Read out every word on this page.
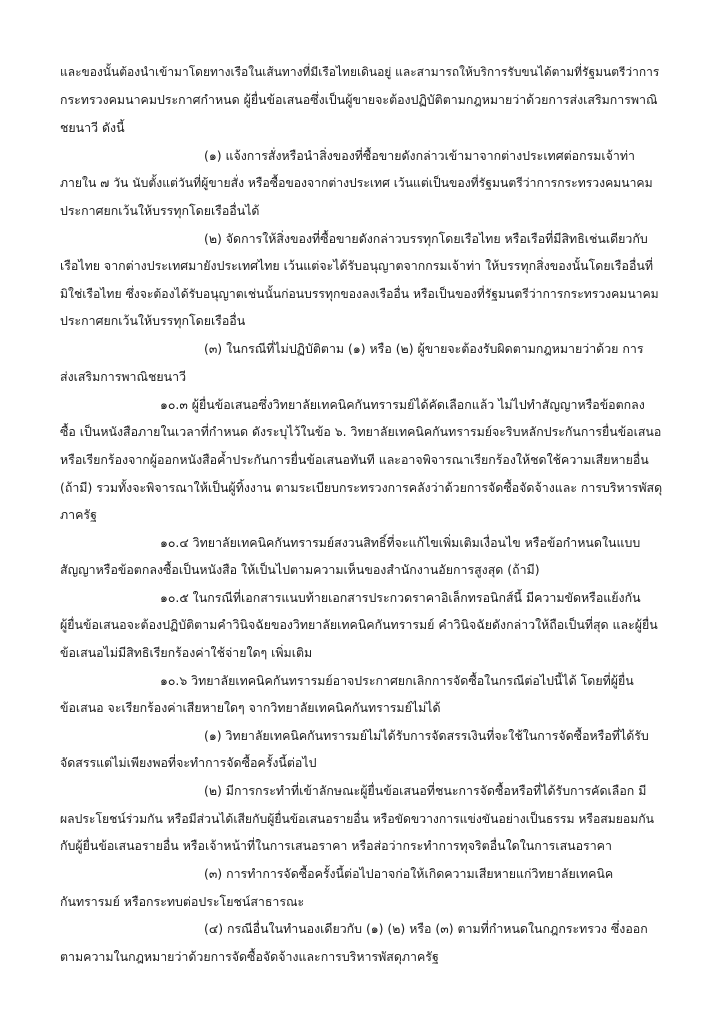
และของนั้นต้องนำเข้ามาโดยทางเรือในเส้นทางที่มีเรือไทยเดินอยู่ และสามารถให้บริการรับขนได้ตามที่รัฐมนตรีว่าการ
กระทรวงคมนาคมประกาศกำหนด ผู้ยื่นข้อเสนอซึ่งเป็นผู้ขายจะต้องปฏิบัติตามกฎหมายว่าด้วยการส่งเสริมการพาณิ
ชยนาวี ดังนี้
(๑) แจ้งการสั่งหรือนำสิ่งของที่ซื้อขายดังกล่าวเข้ามาจากต่างประเทศต่อกรมเจ้าท่า
ภายใน ๗ วัน นับตั้งแต่วันที่ผู้ขายสั่ง หรือซื้อของจากต่างประเทศ เว้นแต่เป็นของที่รัฐมนตรีว่าการกระทรวงคมนาคม
ประกาศยกเว้นให้บรรทุกโดยเรืออื่นได้
(๒) จัดการให้สิ่งของที่ซื้อขายดังกล่าวบรรทุกโดยเรือไทย หรือเรือที่มีสิทธิเช่นเดียวกับ
เรือไทย จากต่างประเทศมายังประเทศไทย เว้นแต่จะได้รับอนุญาตจากกรมเจ้าท่า ให้บรรทุกสิ่งของนั้นโดยเรืออื่นที่
มิใช่เรือไทย ซึ่งจะต้องได้รับอนุญาตเช่นนั้นก่อนบรรทุกของลงเรืออื่น หรือเป็นของที่รัฐมนตรีว่าการกระทรวงคมนาคม
ประกาศยกเว้นให้บรรทุกโดยเรืออื่น
(๓) ในกรณีที่ไม่ปฏิบัติตาม (๑) หรือ (๒) ผู้ขายจะต้องรับผิดตามกฎหมายว่าด้วย การ
ส่งเสริมการพาณิชยนาวี
๑๐.๓ ผู้ยื่นข้อเสนอซึ่งวิทยาลัยเทคนิคกันทรารมย์ได้คัดเลือกแล้ว ไม่ไปทำสัญญาหรือข้อตกลง
ซื้อ เป็นหนังสือภายในเวลาที่กำหนด ดังระบุไว้ในข้อ ๖. วิทยาลัยเทคนิคกันทรารมย์จะริบหลักประกันการยื่นข้อเสนอ
หรือเรียกร้องจากผู้ออกหนังสือค้ำประกันการยื่นข้อเสนอทันที และอาจพิจารณาเรียกร้องให้ชดใช้ความเสียหายอื่น
(ถ้ามี) รวมทั้งจะพิจารณาให้เป็นผู้ทิ้งงาน ตามระเบียบกระทรวงการคลังว่าด้วยการจัดซื้อจัดจ้างและ การบริหารพัสดุ
ภาครัฐ
๑๐.๔ วิทยาลัยเทคนิคกันทรารมย์สงวนสิทธิ์ที่จะแก้ไขเพิ่มเติมเงื่อนไข หรือข้อกำหนดในแบบ
สัญญาหรือข้อตกลงซื้อเป็นหนังสือ ให้เป็นไปตามความเห็นของสำนักงานอัยการสูงสุด (ถ้ามี)
๑๐.๕ ในกรณีที่เอกสารแนบท้ายเอกสารประกวดราคาอิเล็กทรอนิกส์นี้ มีความขัดหรือแย้งกัน
ผู้ยื่นข้อเสนอจะต้องปฏิบัติตามคำวินิจฉัยของวิทยาลัยเทคนิคกันทรารมย์ คำวินิจฉัยดังกล่าวให้ถือเป็นที่สุด และผู้ยื่น
ข้อเสนอไม่มีสิทธิเรียกร้องค่าใช้จ่ายใดๆ เพิ่มเติม
๑๐.๖ วิทยาลัยเทคนิคกันทรารมย์อาจประกาศยกเลิกการจัดซื้อในกรณีต่อไปนี้ได้ โดยที่ผู้ยื่น
ข้อเสนอ จะเรียกร้องค่าเสียหายใดๆ จากวิทยาลัยเทคนิคกันทรารมย์ไม่ได้
(๑) วิทยาลัยเทคนิคกันทรารมย์ไม่ได้รับการจัดสรรเงินที่จะใช้ในการจัดซื้อหรือที่ได้รับ
จัดสรรแต่ไม่เพียงพอที่จะทำการจัดซื้อครั้งนี้ต่อไป
(๒) มีการกระทำที่เข้าลักษณะผู้ยื่นข้อเสนอที่ชนะการจัดซื้อหรือที่ได้รับการคัดเลือก มี
ผลประโยชน์ร่วมกัน หรือมีส่วนได้เสียกับผู้ยื่นข้อเสนอรายอื่น หรือขัดขวางการแข่งขันอย่างเป็นธรรม หรือสมยอมกัน
กับผู้ยื่นข้อเสนอรายอื่น หรือเจ้าหน้าที่ในการเสนอราคา หรือส่อว่ากระทำการทุจริตอื่นใดในการเสนอราคา
(๓) การทำการจัดซื้อครั้งนี้ต่อไปอาจก่อให้เกิดความเสียหายแก่วิทยาลัยเทคนิค
กันทรารมย์ หรือกระทบต่อประโยชน์สาธารณะ
(๔) กรณีอื่นในทำนองเดียวกับ (๑) (๒) หรือ (๓) ตามที่กำหนดในกฎกระทรวง ซึ่งออก
ตามความในกฎหมายว่าด้วยการจัดซื้อจัดจ้างและการบริหารพัสดุภาครัฐ
